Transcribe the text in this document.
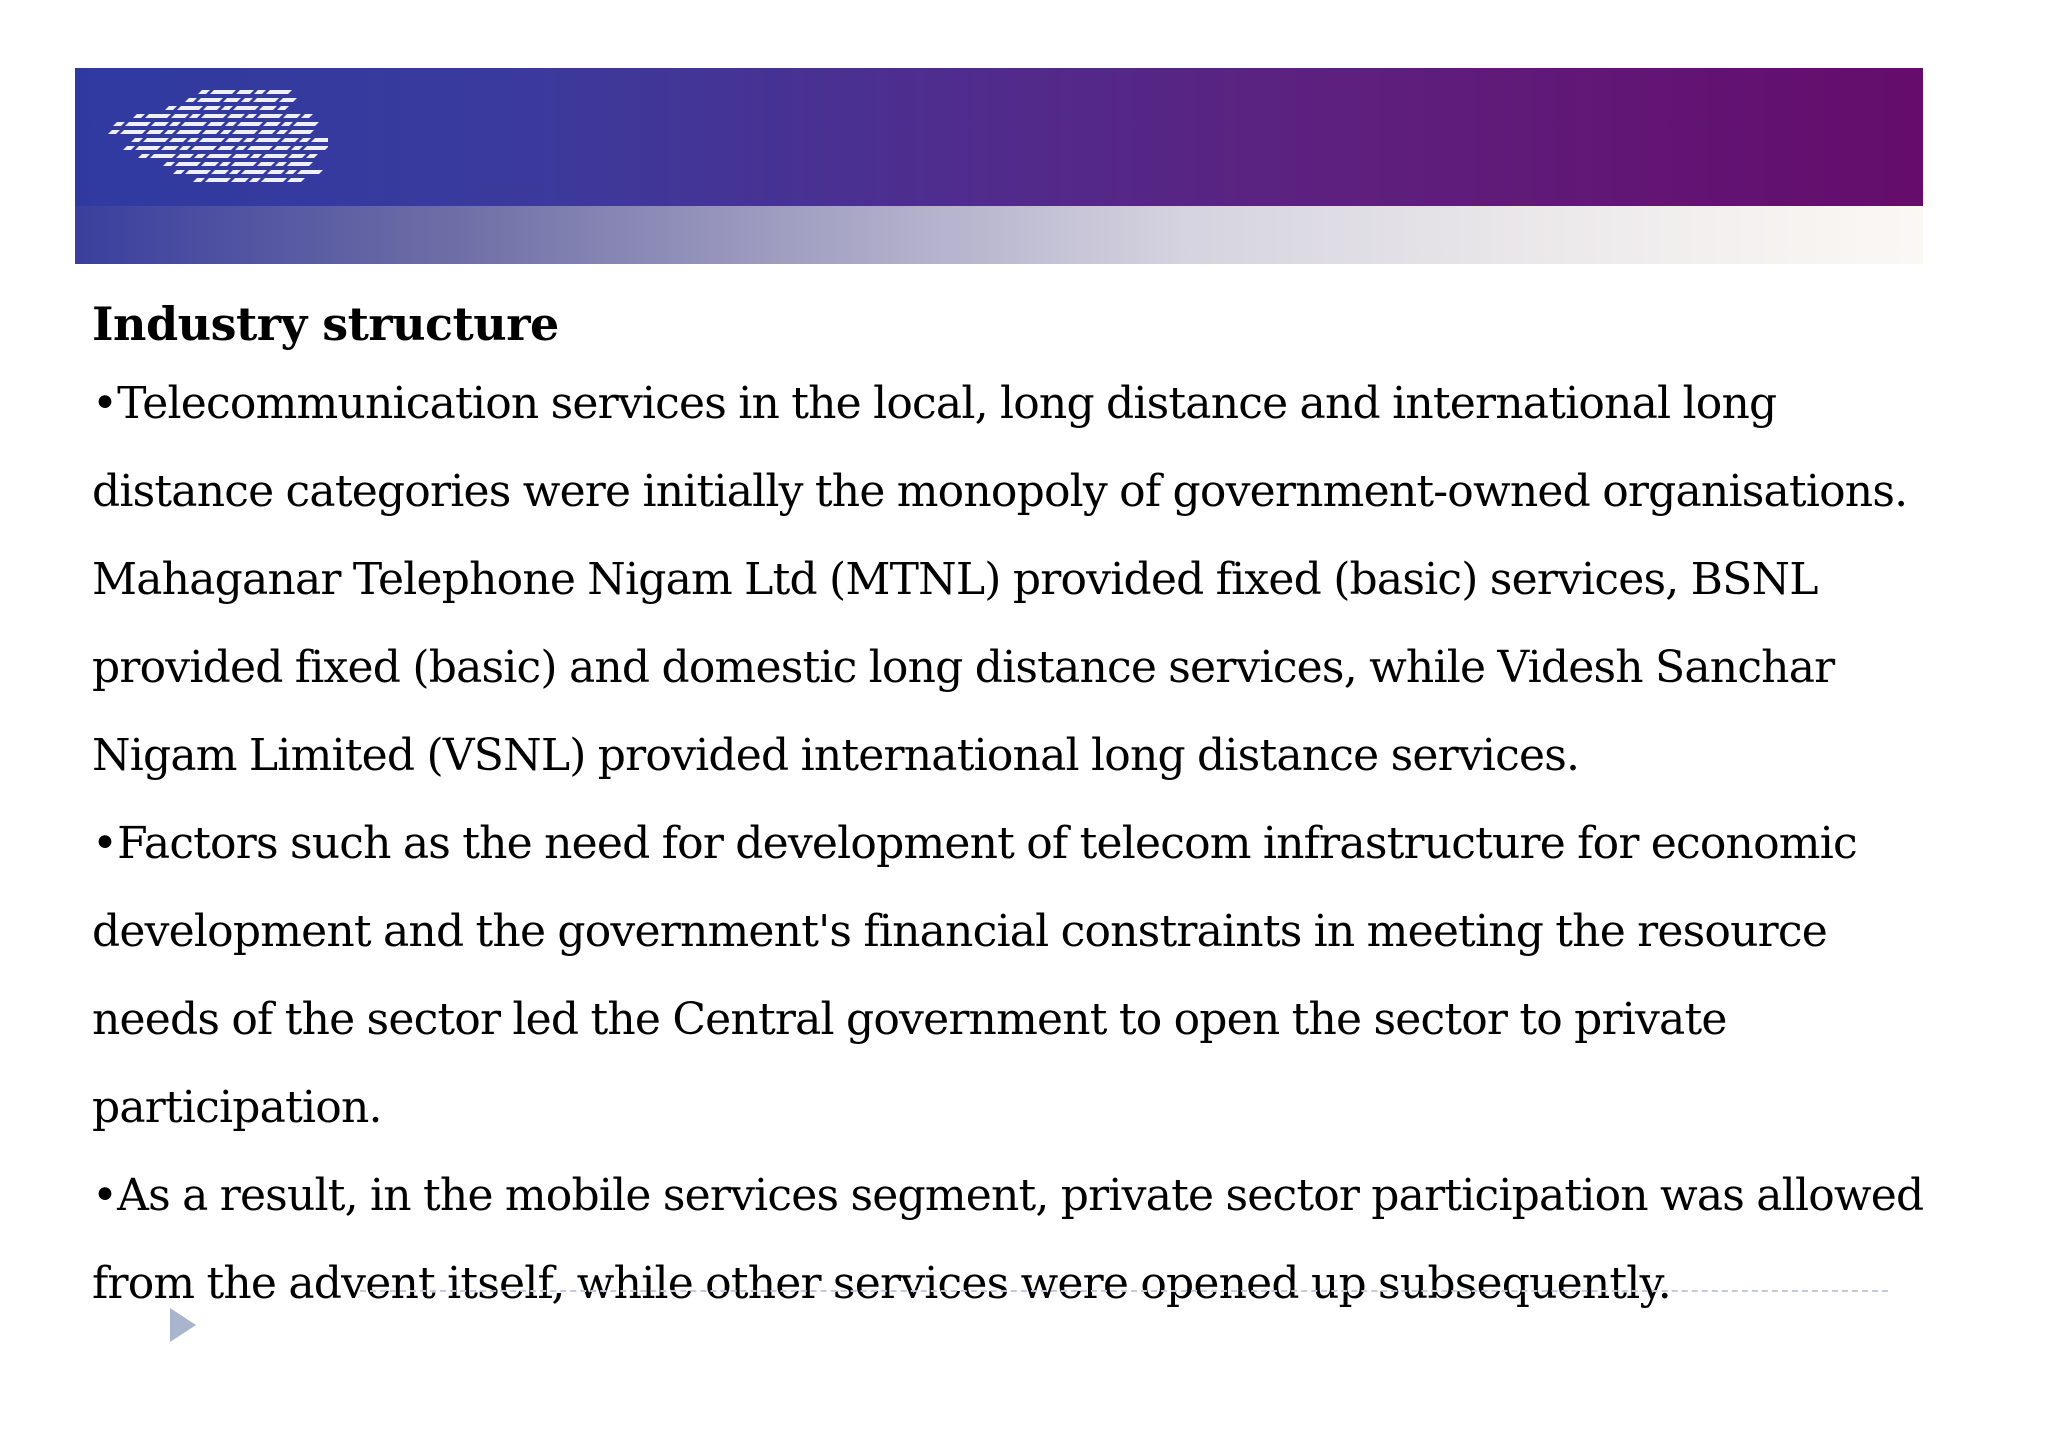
Industry structure

•Telecommunication services in the local, long distance and international long distance categories were initially the monopoly of government-owned organisations. Mahaganar Telephone Nigam Ltd (MTNL) provided fixed (basic) services, BSNL provided fixed (basic) and domestic long distance services, while Videsh Sanchar Nigam Limited (VSNL) provided international long distance services.

•Factors such as the need for development of telecom infrastructure for economic development and the government's financial constraints in meeting the resource needs of the sector led the Central government to open the sector to private participation.

•As a result, in the mobile services segment, private sector participation was allowed from the advent itself, while other services were opened up subsequently.
